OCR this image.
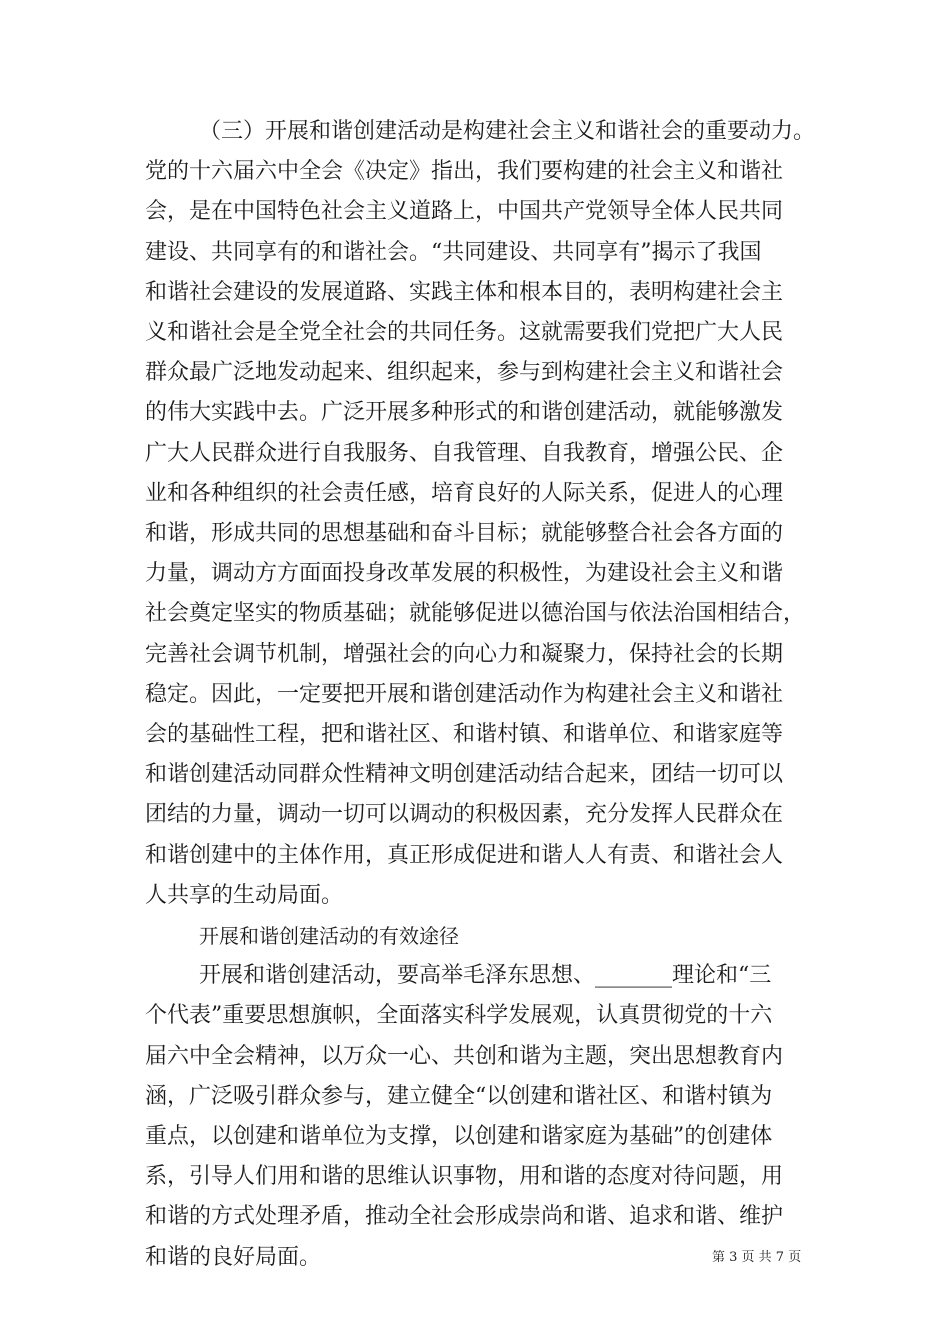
（三）开展和谐创建活动是构建社会主义和谐社会的重要动力。
党的十六届六中全会《决定》指出，我们要构建的社会主义和谐社
会，是在中国特色社会主义道路上，中国共产党领导全体人民共同
建设、共同享有的和谐社会。“共同建设、共同享有”揭示了我国
和谐社会建设的发展道路、实践主体和根本目的，表明构建社会主
义和谐社会是全党全社会的共同任务。这就需要我们党把广大人民
群众最广泛地发动起来、组织起来，参与到构建社会主义和谐社会
的伟大实践中去。广泛开展多种形式的和谐创建活动，就能够激发
广大人民群众进行自我服务、自我管理、自我教育，增强公民、企
业和各种组织的社会责任感，培育良好的人际关系，促进人的心理
和谐，形成共同的思想基础和奋斗目标；就能够整合社会各方面的
力量，调动方方面面投身改革发展的积极性，为建设社会主义和谐
社会奠定坚实的物质基础；就能够促进以德治国与依法治国相结合，
完善社会调节机制，增强社会的向心力和凝聚力，保持社会的长期
稳定。因此，一定要把开展和谐创建活动作为构建社会主义和谐社
会的基础性工程，把和谐社区、和谐村镇、和谐单位、和谐家庭等
和谐创建活动同群众性精神文明创建活动结合起来，团结一切可以
团结的力量，调动一切可以调动的积极因素，充分发挥人民群众在
和谐创建中的主体作用，真正形成促进和谐人人有责、和谐社会人
人共享的生动局面。
开展和谐创建活动的有效途径
开展和谐创建活动，要高举毛泽东思想、_______理论和“三
个代表”重要思想旗帜，全面落实科学发展观，认真贯彻党的十六
届六中全会精神，以万众一心、共创和谐为主题，突出思想教育内
涵，广泛吸引群众参与，建立健全“以创建和谐社区、和谐村镇为
重点，以创建和谐单位为支撑，以创建和谐家庭为基础”的创建体
系，引导人们用和谐的思维认识事物，用和谐的态度对待问题，用
和谐的方式处理矛盾，推动全社会形成崇尚和谐、追求和谐、维护
和谐的良好局面。	第 3 页 共 7 页
